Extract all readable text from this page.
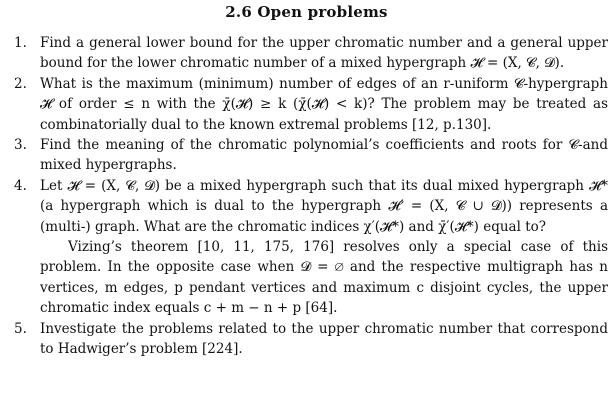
2.6 Open problems
1. Find a general lower bound for the upper chromatic number and a general upper bound for the lower chromatic number of a mixed hypergraph 𝓗 = (X, 𝓒, 𝓓).
2. What is the maximum (minimum) number of edges of an r-uniform 𝓒-hypergraph 𝓗 of order ≤ n with the χ̄(𝓗) ≥ k (χ̄(𝓗) < k)? The problem may be treated as combinatorially dual to the known extremal problems [12, p.130].
3. Find the meaning of the chromatic polynomial’s coefficients and roots for 𝓒-and mixed hypergraphs.
4. Let 𝓗 = (X, 𝓒, 𝓓) be a mixed hypergraph such that its dual mixed hypergraph 𝓗* (a hypergraph which is dual to the hypergraph 𝓗′ = (X, 𝓒 ∪ 𝓓)) represents a (multi-) graph. What are the chromatic indices χ′(𝓗*) and χ̄′(𝓗*) equal to?
Vizing’s theorem [10, 11, 175, 176] resolves only a special case of this problem. In the opposite case when 𝓓 = ∅ and the respective multigraph has n vertices, m edges, p pendant vertices and maximum c disjoint cycles, the upper chromatic index equals c + m − n + p [64].
5. Investigate the problems related to the upper chromatic number that correspond to Hadwiger’s problem [224].
